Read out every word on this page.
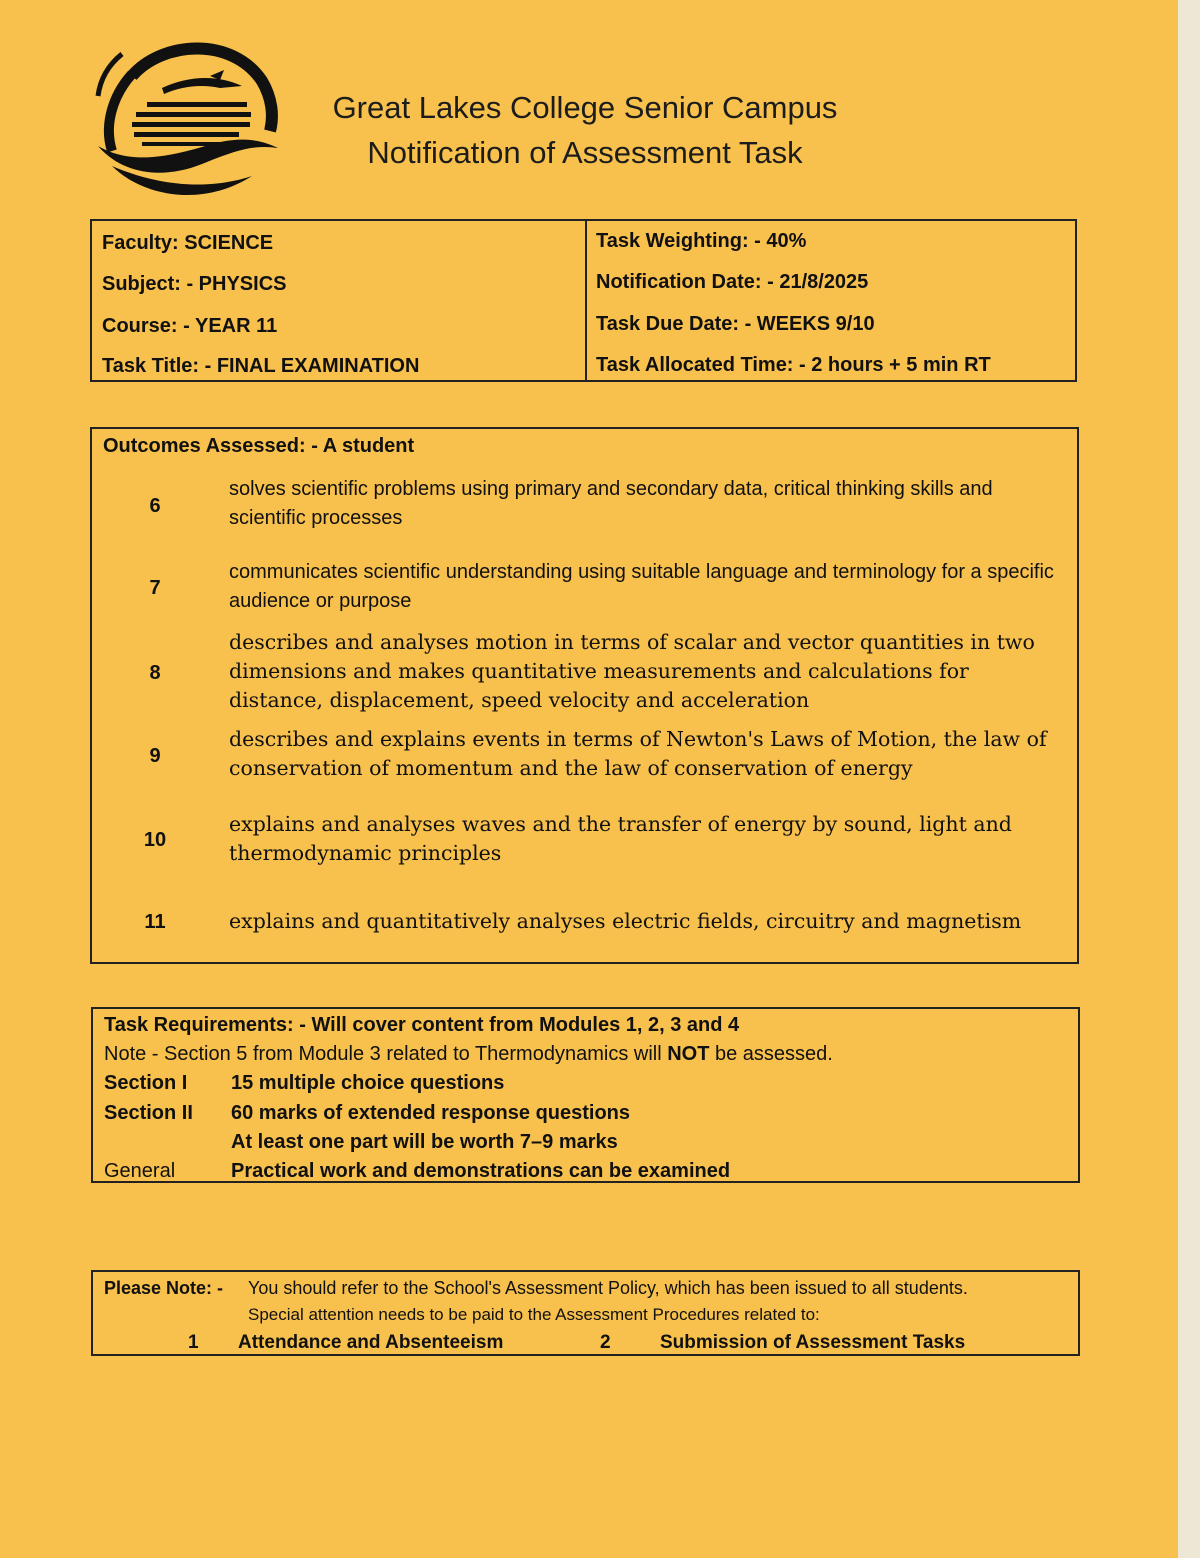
Great Lakes College Senior Campus
Notification of Assessment Task
Faculty: SCIENCE
Subject: - PHYSICS
Course: - YEAR 11
Task Title: - FINAL EXAMINATION
Task Weighting: - 40%
Notification Date: - 21/8/2025
Task Due Date: - WEEKS 9/10
Task Allocated Time: - 2 hours + 5 min RT
Outcomes Assessed: - A student
6
solves scientific problems using primary and secondary data, critical thinking skills and scientific processes
7
communicates scientific understanding using suitable language and terminology for a specific audience or purpose
8
describes and analyses motion in terms of scalar and vector quantities in two dimensions and makes quantitative measurements and calculations for distance, displacement, speed velocity and acceleration
9
describes and explains events in terms of Newton's Laws of Motion, the law of conservation of momentum and the law of conservation of energy
10
explains and analyses waves and the transfer of energy by sound, light and thermodynamic principles
11	explains and quantitatively analyses electric fields, circuitry and magnetism
Task Requirements: - Will cover content from Modules 1, 2, 3 and 4
Note - Section 5 from Module 3 related to Thermodynamics will NOT be assessed.
Section I 15 multiple choice questions
Section II 60 marks of extended response questions
At least one part will be worth 7–9 marks
General	Practical work and demonstrations can be examined
Please Note: - You should refer to the School's Assessment Policy, which has been issued to all students.
Special attention needs to be paid to the Assessment Procedures related to:
1 Attendance and Absenteeism	2	Submission of Assessment Tasks
